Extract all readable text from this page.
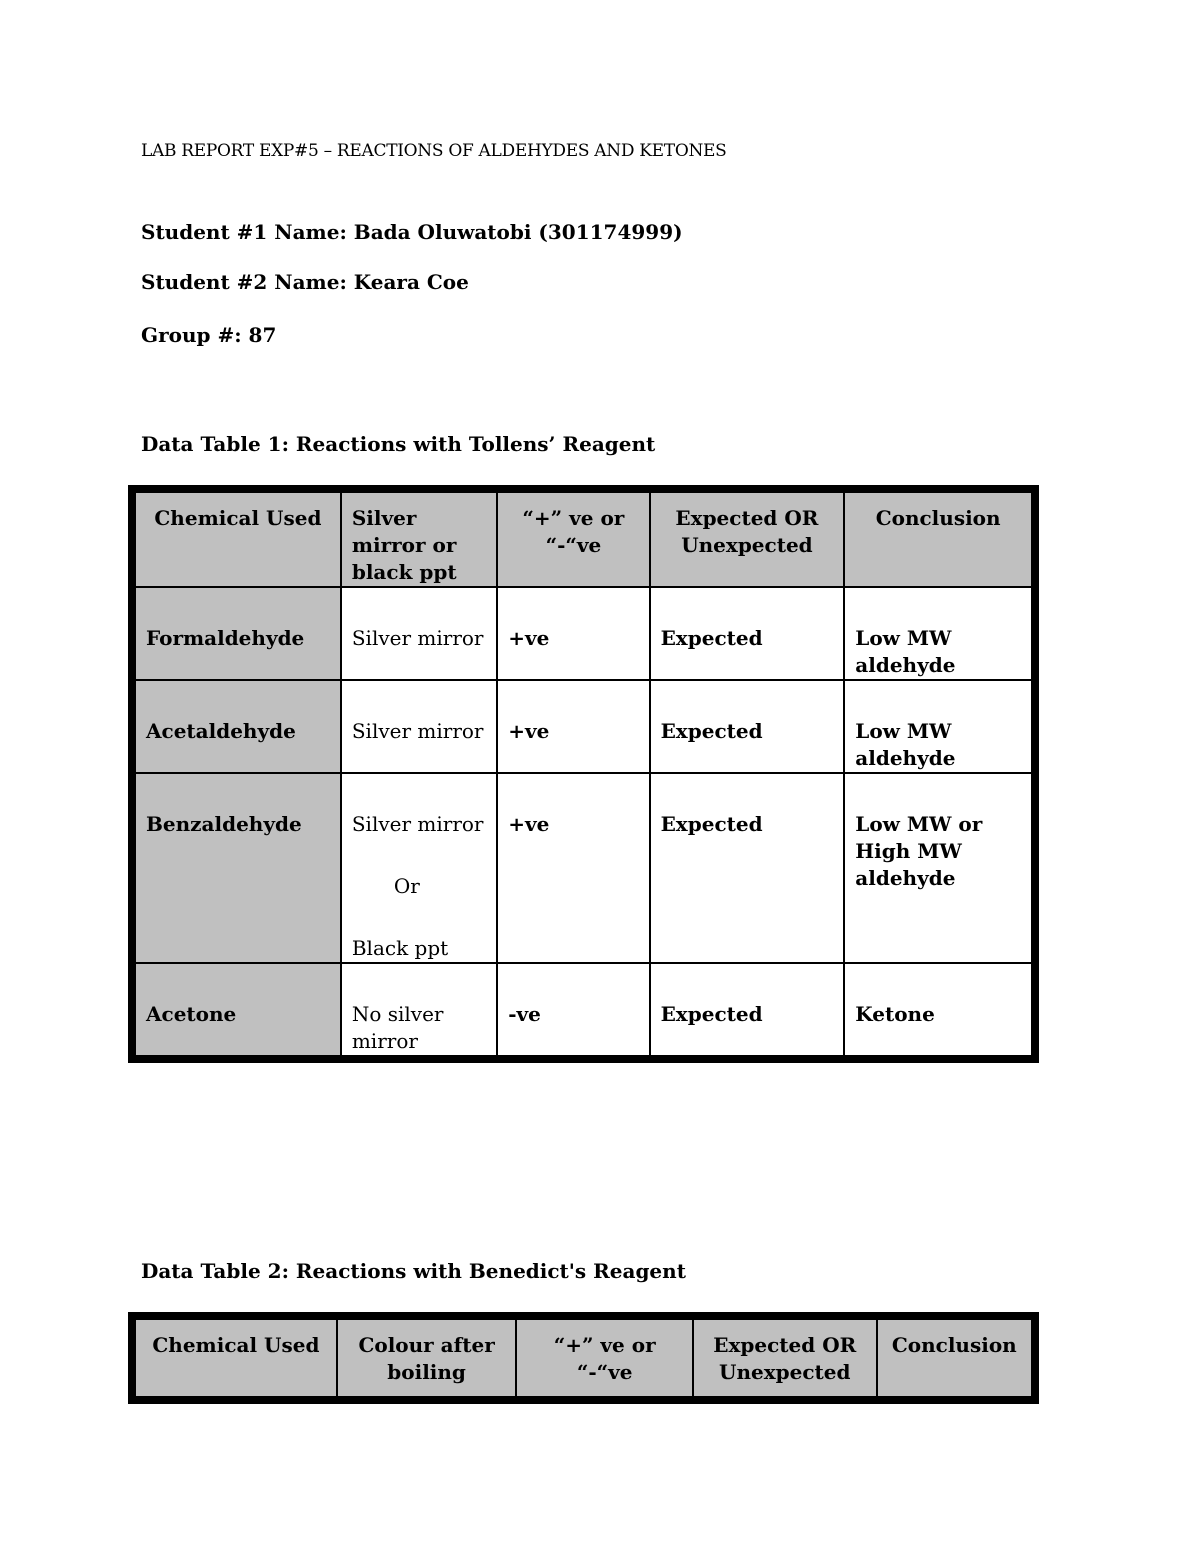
LAB REPORT EXP#5 – REACTIONS OF ALDEHYDES AND KETONES
Student #1 Name: Bada Oluwatobi (301174999)
Student #2 Name: Keara Coe
Group #: 87
Data Table 1: Reactions with Tollens’ Reagent
Chemical Used	Silver mirror or black ppt	“+” ve or “-“ve	Expected OR Unexpected	Conclusion
Formaldehyde	Silver mirror	+ve	Expected	Low MW aldehyde
Acetaldehyde	Silver mirror	+ve	Expected	Low MW aldehyde
Benzaldehyde	Silver mirror
Or
Black ppt	+ve	Expected	Low MW or High MW aldehyde
Acetone	No silver mirror	-ve	Expected	Ketone
Data Table 2: Reactions with Benedict's Reagent
Chemical Used	Colour after boiling	“+” ve or “-“ve	Expected OR Unexpected	Conclusion
